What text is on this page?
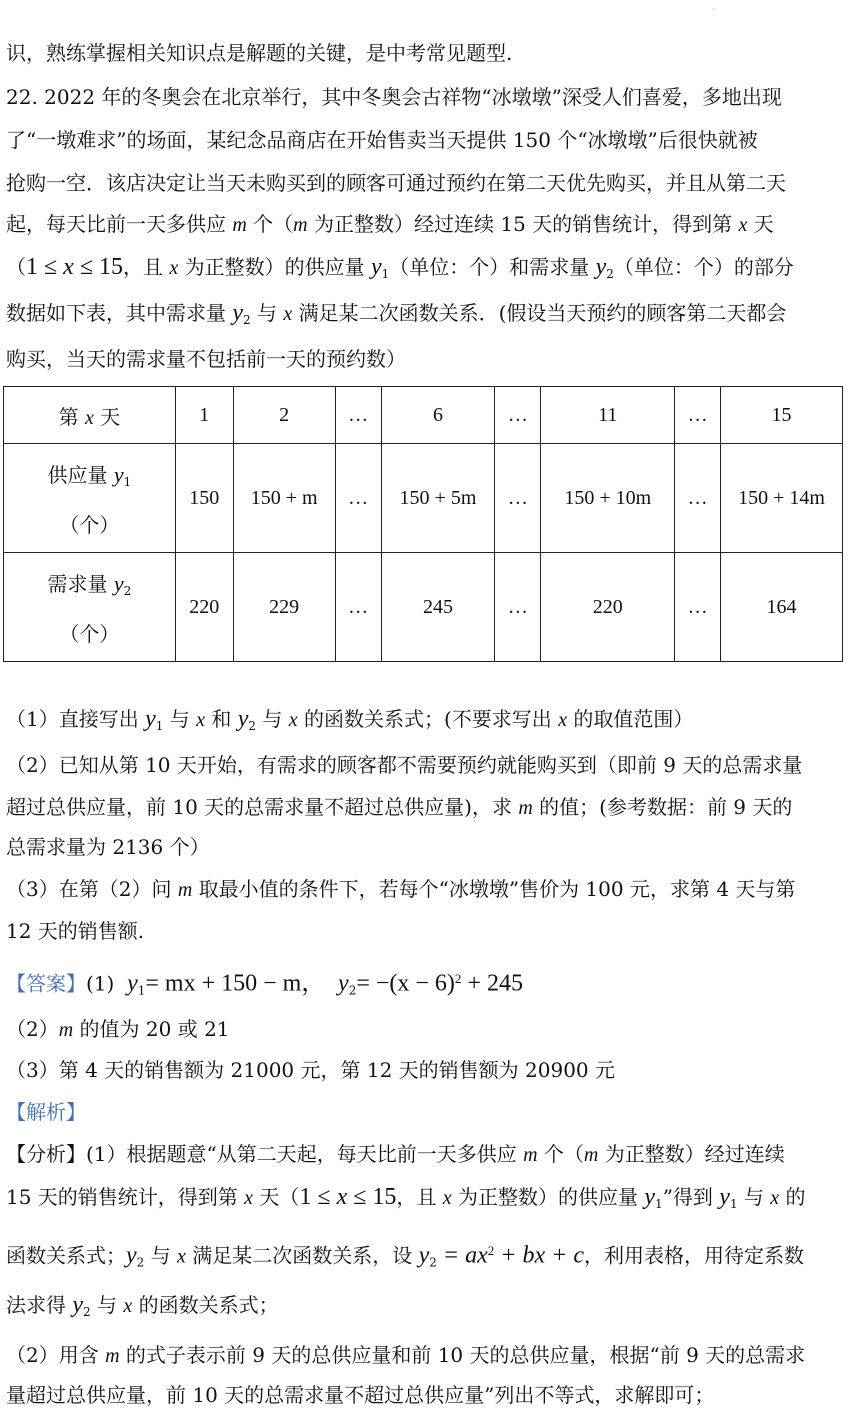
.
识，熟练掌握相关知识点是解题的关键，是中考常见题型.
22. 2022 年的冬奥会在北京举行，其中冬奥会古祥物“冰墩墩”深受人们喜爱，多地出现
了“一墩难求”的场面，某纪念品商店在开始售卖当天提供 150 个“冰墩墩”后很快就被
抢购一空．该店决定让当天未购买到的顾客可通过预约在第二天优先购买，并且从第二天
起，每天比前一天多供应 m 个（m 为正整数）经过连续 15 天的销售统计，得到第 x 天
（1 ≤ x ≤ 15，且 x 为正整数）的供应量 $y_1$（单位：个）和需求量 $y_2$（单位：个）的部分
数据如下表，其中需求量 $y_2$ 与 x 满足某二次函数关系．(假设当天预约的顾客第二天都会
购买，当天的需求量不包括前一天的预约数）
第 x 天	1	2	…	6	…	11	…	15

供应量 $y_1$
（个）	150	150 + m	…	150 + 5m	…	150 + 10m	…	150 + 14m

需求量 $y_2$
（个）	220	229	…	245	…	220	…	164
（1）直接写出 $y_1$ 与 x 和 $y_2$ 与 x 的函数关系式；(不要求写出 x 的取值范围）
（2）已知从第 10 天开始，有需求的顾客都不需要预约就能购买到（即前 9 天的总需求量
超过总供应量，前 10 天的总需求量不超过总供应量)，求 m 的值；(参考数据：前 9 天的
总需求量为 2136 个）
（3）在第（2）问 m 取最小值的条件下，若每个“冰墩墩”售价为 100 元，求第 4 天与第
12 天的销售额.
【答案】(1) $y_1=$ mx + 150 − m， $y_2= -(x - 6)^2 + 245$
（2）m 的值为 20 或 21
（3）第 4 天的销售额为 21000 元，第 12 天的销售额为 20900 元
【解析】
【分析】(1）根据题意“从第二天起，每天比前一天多供应 m 个（m 为正整数）经过连续
15 天的销售统计，得到第 x 天（1 ≤ x ≤ 15，且 x 为正整数）的供应量 $y_1$”得到 $y_1$ 与 x 的
函数关系式；$y_2$ 与 x 满足某二次函数关系，设 $y_2 = ax^2$ + bx + c，利用表格，用待定系数
法求得 $y_2$ 与 x 的函数关系式；
（2）用含 m 的式子表示前 9 天的总供应量和前 10 天的总供应量，根据“前 9 天的总需求
量超过总供应量，前 10 天的总需求量不超过总供应量”列出不等式，求解即可；
